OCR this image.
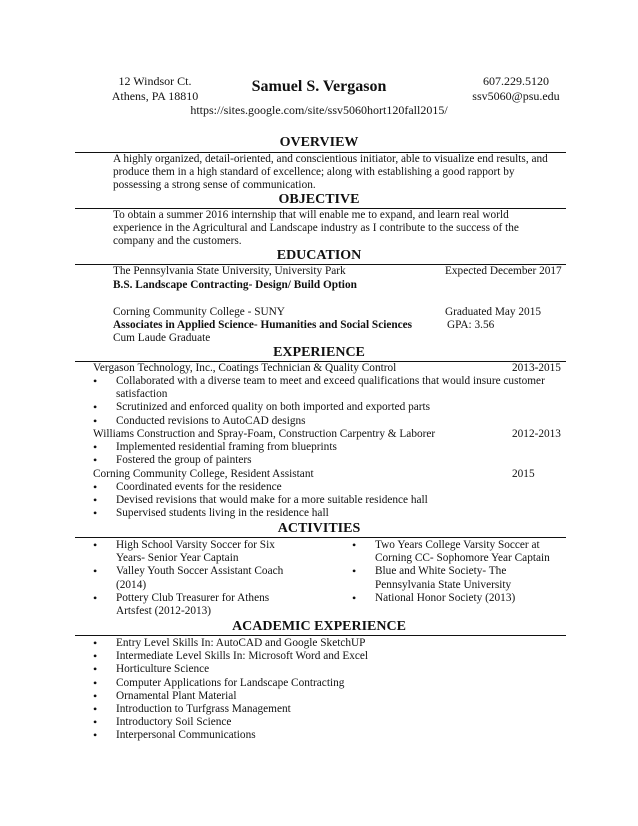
12 Windsor Ct.
Athens, PA 18810
Samuel S. Vergason	607.229.5120
ssv5060@psu.edu
https://sites.google.com/site/ssv5060hort120fall2015/
OVERVIEW
A highly organized, detail-oriented, and conscientious initiator, able to visualize end results, and produce them in a high standard of excellence; along with establishing a good rapport by possessing a strong sense of communication.
OBJECTIVE
To obtain a summer 2016 internship that will enable me to expand, and learn real world experience in the Agricultural and Landscape industry as I contribute to the success of the company and the customers.
EDUCATION
The Pennsylvania State University, University Park	Expected December 2017
B.S. Landscape Contracting- Design/ Build Option
Corning Community College - SUNY	Graduated May 2015
Associates in Applied Science- Humanities and Social Sciences	GPA: 3.56
Cum Laude Graduate
EXPERIENCE
Vergason Technology, Inc., Coatings Technician & Quality Control	2013-2015
• Collaborated with a diverse team to meet and exceed qualifications that would insure customer satisfaction
• Scrutinized and enforced quality on both imported and exported parts
• Conducted revisions to AutoCAD designs
Williams Construction and Spray-Foam, Construction Carpentry & Laborer	2012-2013
• Implemented residential framing from blueprints
• Fostered the group of painters
Corning Community College, Resident Assistant	2015
• Coordinated events for the residence
• Devised revisions that would make for a more suitable residence hall
• Supervised students living in the residence hall
ACTIVITIES
• High School Varsity Soccer for Six Years- Senior Year Captain
• Valley Youth Soccer Assistant Coach (2014)
• Pottery Club Treasurer for Athens Artsfest (2012-2013)
• Two Years College Varsity Soccer at Corning CC- Sophomore Year Captain
• Blue and White Society- The Pennsylvania State University
• National Honor Society (2013)
ACADEMIC EXPERIENCE
• Entry Level Skills In: AutoCAD and Google SketchUP
• Intermediate Level Skills In: Microsoft Word and Excel
• Horticulture Science
• Computer Applications for Landscape Contracting
• Ornamental Plant Material
• Introduction to Turfgrass Management
• Introductory Soil Science
• Interpersonal Communications
